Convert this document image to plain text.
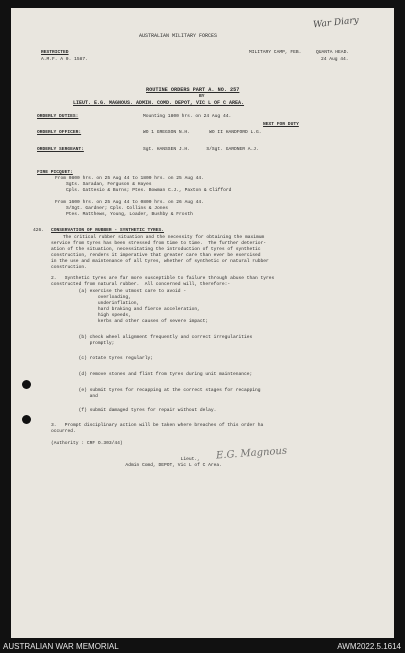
War Diary
AUSTRALIAN MILITARY FORCES
RESTRICTED
A.M.F. A 0. 1587.
MILITARY CAMP, FEB.	QUANTA HEAD.
24 Aug 44.
ROUTINE ORDERS PART A. NO. 257
BY
LIEUT. E.G. MAGNOUS. ADMIN. COMD. DEPOT, VIC L OF C AREA.
ORDERLY DUTIES:	Mounting 1800 hrs. on 24 Aug 44.
NEXT FOR DUTY
ORDERLY OFFICER:	WO 1 GREGSON N.H.       WO II HANDFORD L.G.
ORDERLY SERGEANT:	Sgt. HANSSEN J.H.      S/Sgt. GARDNER A.J.
FIRE PICQUET:
From 0800 hrs. on 25 Aug 44 to 1800 hrs. on 25 Aug 44.
Sgts. Saradan, Ferguson & Hayes
Cpls. Gattesio & Burns; Ptes. Bowman C.J., Paxton & Clifford
From 1600 hrs. on 25 Aug 44 to 0800 hrs. on 26 Aug 44.
S/Sgt. Gardner; Cpls. Collins & Jones
Ptes. Matthews, Young, Loader, Bushby & Frosth
426. CONSERVATION OF RUBBER - SYNTHETIC TYRES.
The critical rubber situation and the necessity for obtaining the maximum
service from tyres has been stressed from time to time.  The further deterior-
ation of the situation, necessitating the introduction of tyres of synthetic
construction, renders it imperative that greater care than ever be exercised
in the use and maintenance of all tyres, whether of synthetic or natural rubber
construction.
2.   Synthetic tyres are far more susceptible to failure through abuse than tyres
constructed from natural rubber.  All concerned will, therefore:-
(a) exercise the utmost care to avoid -
overloading,
underinflation,
hard braking and fierce acceleration,
high speeds,
kerbs and other causes of severe impact;
(b) check wheel alignment frequently and correct irregularities
promptly;
(c) rotate tyres regularly;
(d) remove stones and flint from tyres during unit maintenance;
(e) submit tyres for recapping at the correct stages for recapping
and
(f) submit damaged tyres for repair without delay.
3.   Prompt disciplinary action will be taken where breaches of this order ha
occurred.
(Authority : CRF O.303/44)
E.G. Magnous
Lieut.,
Admin Comd, DEPOT, Vic L of C Area.
AUSTRALIAN WAR MEMORIAL	AWM2022.5.1614
